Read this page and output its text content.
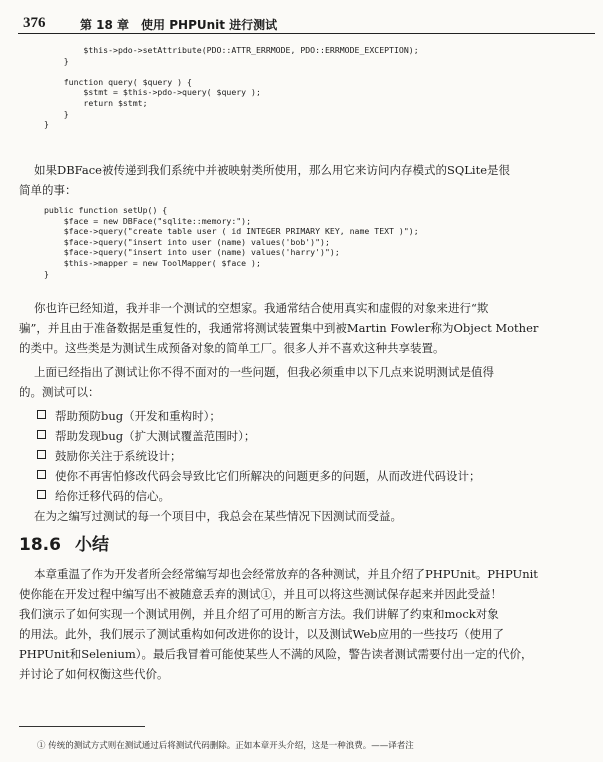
376	第 18 章　使用 PHPUnit 进行测试
$this->pdo->setAttribute(PDO::ATTR_ERRMODE, PDO::ERRMODE_EXCEPTION);
}

function query( $query ) {
$stmt = $this->pdo->query( $query );
return $stmt;
}
}
如果DBFace被传递到我们系统中并被映射类所使用，那么用它来访问内存模式的SQLite是很
简单的事：
public function setUp() {
$face = new DBFace("sqlite::memory:");
$face->query("create table user ( id INTEGER PRIMARY KEY, name TEXT )");
$face->query("insert into user (name) values('bob')");
$face->query("insert into user (name) values('harry')");
$this->mapper = new ToolMapper( $face );
}
你也许已经知道，我并非一个测试的空想家。我通常结合使用真实和虚假的对象来进行“欺
骗”，并且由于准备数据是重复性的，我通常将测试装置集中到被Martin Fowler称为Object Mother
的类中。这些类是为测试生成预备对象的简单工厂。很多人并不喜欢这种共享装置。
上面已经指出了测试让你不得不面对的一些问题，但我必须重申以下几点来说明测试是值得
的。测试可以：
帮助预防bug（开发和重构时）；
帮助发现bug（扩大测试覆盖范围时）；
鼓励你关注于系统设计；
使你不再害怕修改代码会导致比它们所解决的问题更多的问题，从而改进代码设计；
给你迁移代码的信心。
在为之编写过测试的每一个项目中，我总会在某些情况下因测试而受益。
18.6 小结
本章重温了作为开发者所会经常编写却也会经常放弃的各种测试，并且介绍了PHPUnit。PHPUnit
使你能在开发过程中编写出不被随意丢弃的测试①，并且可以将这些测试保存起来并因此受益！
我们演示了如何实现一个测试用例，并且介绍了可用的断言方法。我们讲解了约束和mock对象
的用法。此外，我们展示了测试重构如何改进你的设计，以及测试Web应用的一些技巧（使用了
PHPUnit和Selenium）。最后我冒着可能使某些人不满的风险，警告读者测试需要付出一定的代价，
并讨论了如何权衡这些代价。
① 传统的测试方式则在测试通过后将测试代码删除。正如本章开头介绍，这是一种浪费。——译者注
